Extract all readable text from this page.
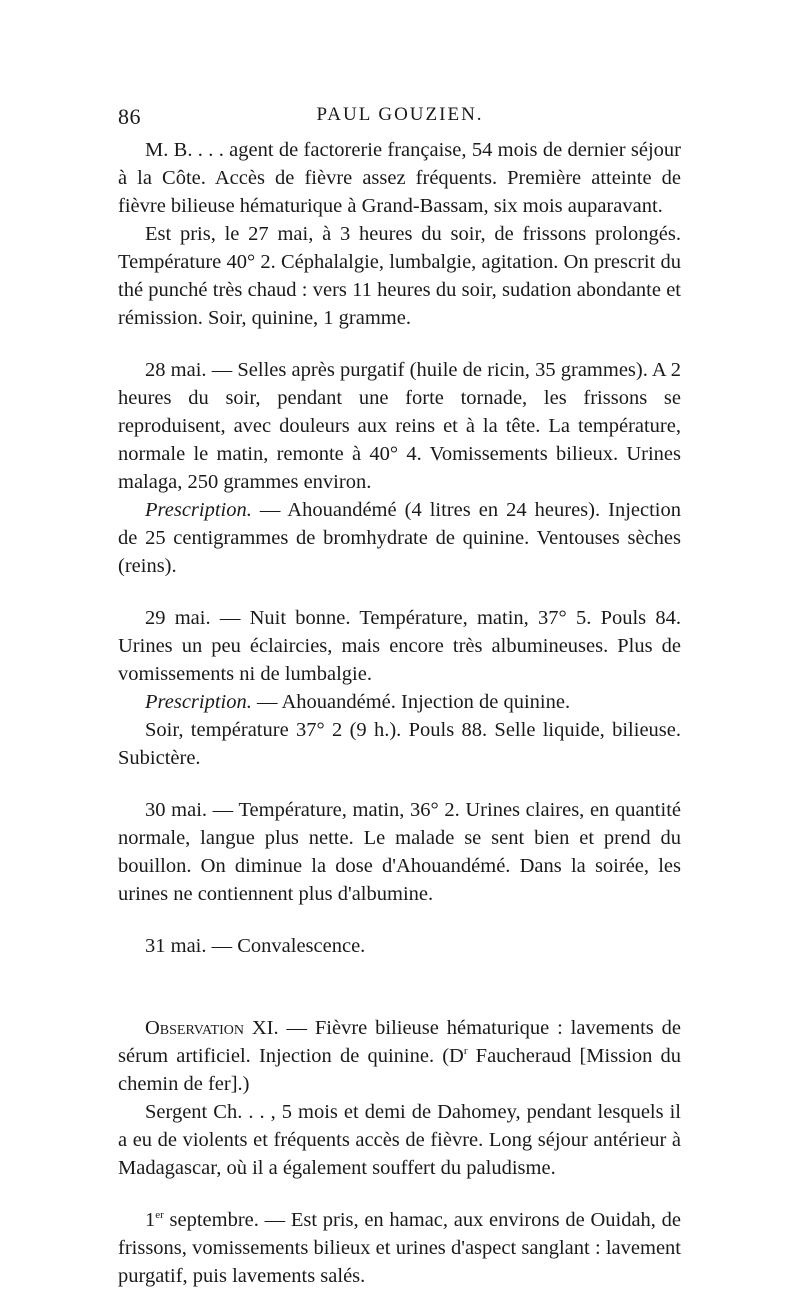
86	PAUL GOUZIEN.

M. B. . . . agent de factorerie française, 54 mois de dernier séjour à la Côte. Accès de fièvre assez fréquents. Première atteinte de fièvre bilieuse hématurique à Grand-Bassam, six mois auparavant.

Est pris, le 27 mai, à 3 heures du soir, de frissons prolongés. Température 40° 2. Céphalalgie, lumbalgie, agitation. On prescrit du thé punché très chaud : vers 11 heures du soir, sudation abondante et rémission. Soir, quinine, 1 gramme.

28 mai. — Selles après purgatif (huile de ricin, 35 grammes). A 2 heures du soir, pendant une forte tornade, les frissons se reproduisent, avec douleurs aux reins et à la tête. La température, normale le matin, remonte à 40° 4. Vomissements bilieux. Urines malaga, 250 grammes environ.

Prescription. — Ahouandémé (4 litres en 24 heures). Injection de 25 centigrammes de bromhydrate de quinine. Ventouses sèches (reins).

29 mai. — Nuit bonne. Température, matin, 37° 5. Pouls 84. Urines un peu éclaircies, mais encore très albumineuses. Plus de vomissements ni de lumbalgie.

Prescription. — Ahouandémé. Injection de quinine.

Soir, température 37° 2 (9 h.). Pouls 88. Selle liquide, bilieuse. Subictère.

30 mai. — Température, matin, 36° 2. Urines claires, en quantité normale, langue plus nette. Le malade se sent bien et prend du bouillon. On diminue la dose d'Ahouandémé. Dans la soirée, les urines ne contiennent plus d'albumine.

31 mai. — Convalescence.

Observation XI. — Fièvre bilieuse hématurique : lavements de sérum artificiel. Injection de quinine. ($D^r$ Faucheraud [Mission du chemin de fer].)

Sergent Ch. . . , 5 mois et demi de Dahomey, pendant lesquels il a eu de violents et fréquents accès de fièvre. Long séjour antérieur à Madagascar, où il a également souffert du paludisme.

1er septembre. — Est pris, en hamac, aux environs de Ouidah, de frissons, vomissements bilieux et urines d'aspect sanglant : lavement purgatif, puis lavements salés.
